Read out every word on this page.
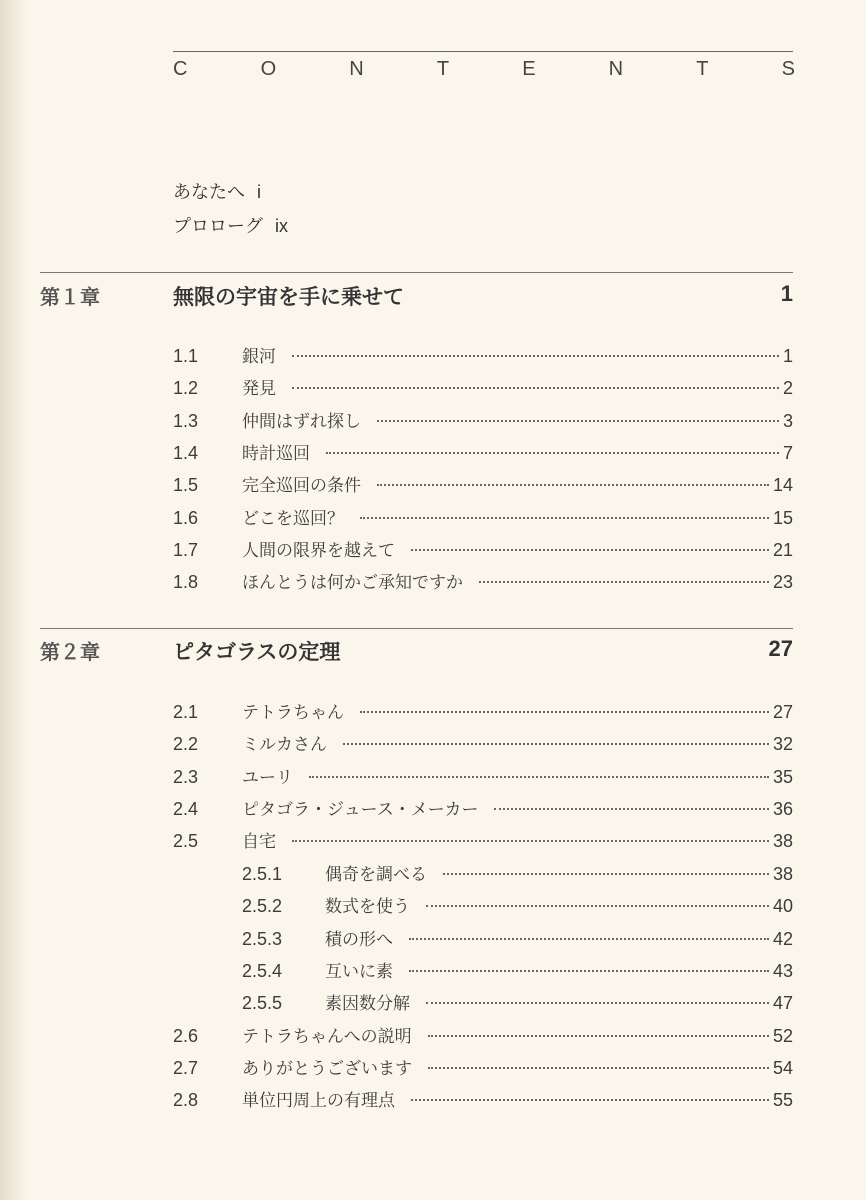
C	O	N	T	E	N	T	S
あなたへ i
プロローグ ix
第１章	無限の宇宙を手に乗せて	1
1.1	銀河	1
1.2	発見	2
1.3	仲間はずれ探し	3
1.4	時計巡回	7
1.5	完全巡回の条件	14
1.6	どこを巡回？	15
1.7	人間の限界を越えて	21
1.8	ほんとうは何かご承知ですか	23
第２章	ピタゴラスの定理	27
2.1	テトラちゃん	27
2.2	ミルカさん	32
2.3	ユーリ	35
2.4	ピタゴラ・ジュース・メーカー	36
2.5	自宅	38
2.5.1	偶奇を調べる	38
2.5.2	数式を使う	40
2.5.3	積の形へ	42
2.5.4	互いに素	43
2.5.5	素因数分解	47
2.6	テトラちゃんへの説明	52
2.7	ありがとうございます	54
2.8	単位円周上の有理点	55
